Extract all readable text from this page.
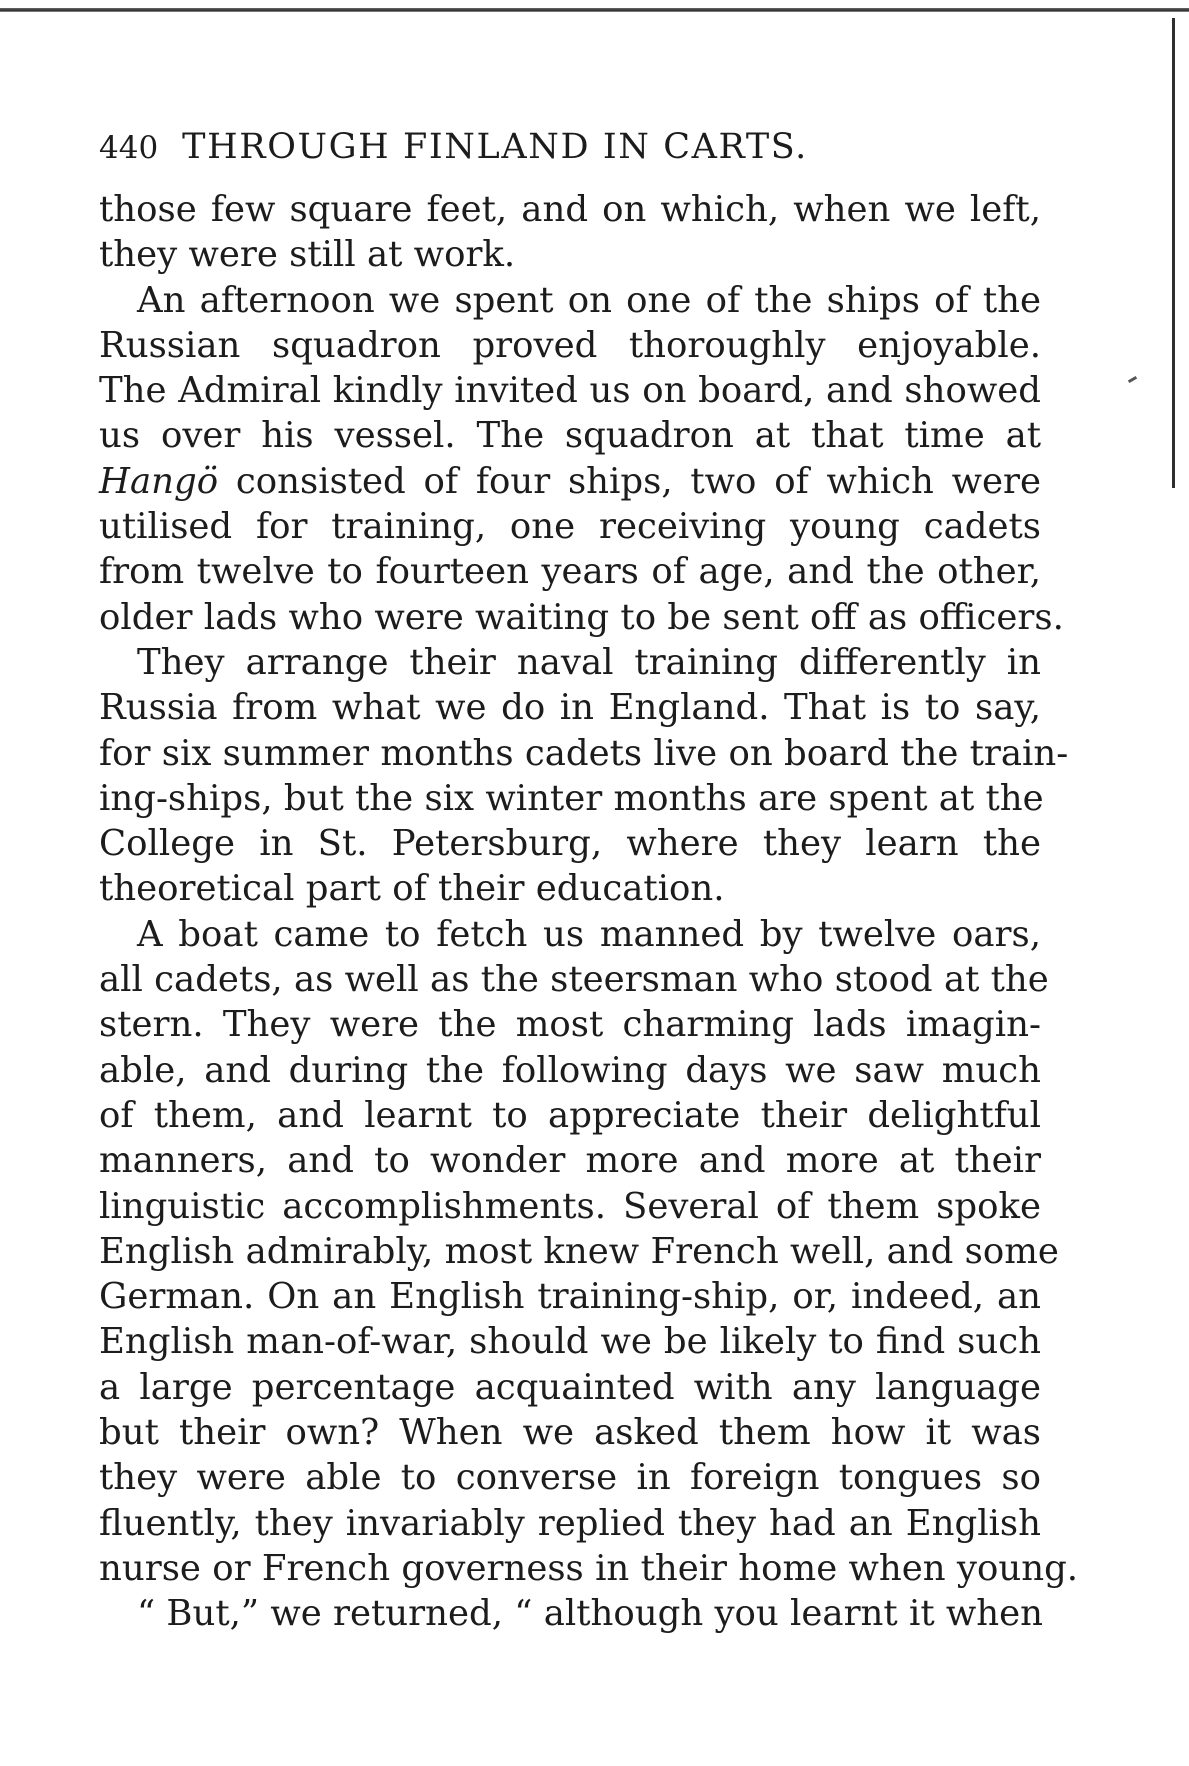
440 THROUGH FINLAND IN CARTS.
those few square feet, and on which, when we left,
they were still at work.
An afternoon we spent on one of the ships of the
Russian squadron proved thoroughly enjoyable.
The Admiral kindly invited us on board, and showed
us over his vessel. The squadron at that time at
Hangö consisted of four ships, two of which were
utilised for training, one receiving young cadets
from twelve to fourteen years of age, and the other,
older lads who were waiting to be sent off as officers.
They arrange their naval training differently in
Russia from what we do in England. That is to say,
for six summer months cadets live on board the train-
ing-ships, but the six winter months are spent at the
College in St. Petersburg, where they learn the
theoretical part of their education.
A boat came to fetch us manned by twelve oars,
all cadets, as well as the steersman who stood at the
stern. They were the most charming lads imagin-
able, and during the following days we saw much
of them, and learnt to appreciate their delightful
manners, and to wonder more and more at their
linguistic accomplishments. Several of them spoke
English admirably, most knew French well, and some
German. On an English training-ship, or, indeed, an
English man-of-war, should we be likely to find such
a large percentage acquainted with any language
but their own? When we asked them how it was
they were able to converse in foreign tongues so
fluently, they invariably replied they had an English
nurse or French governess in their home when young.
“ But,” we returned, “ although you learnt it when
